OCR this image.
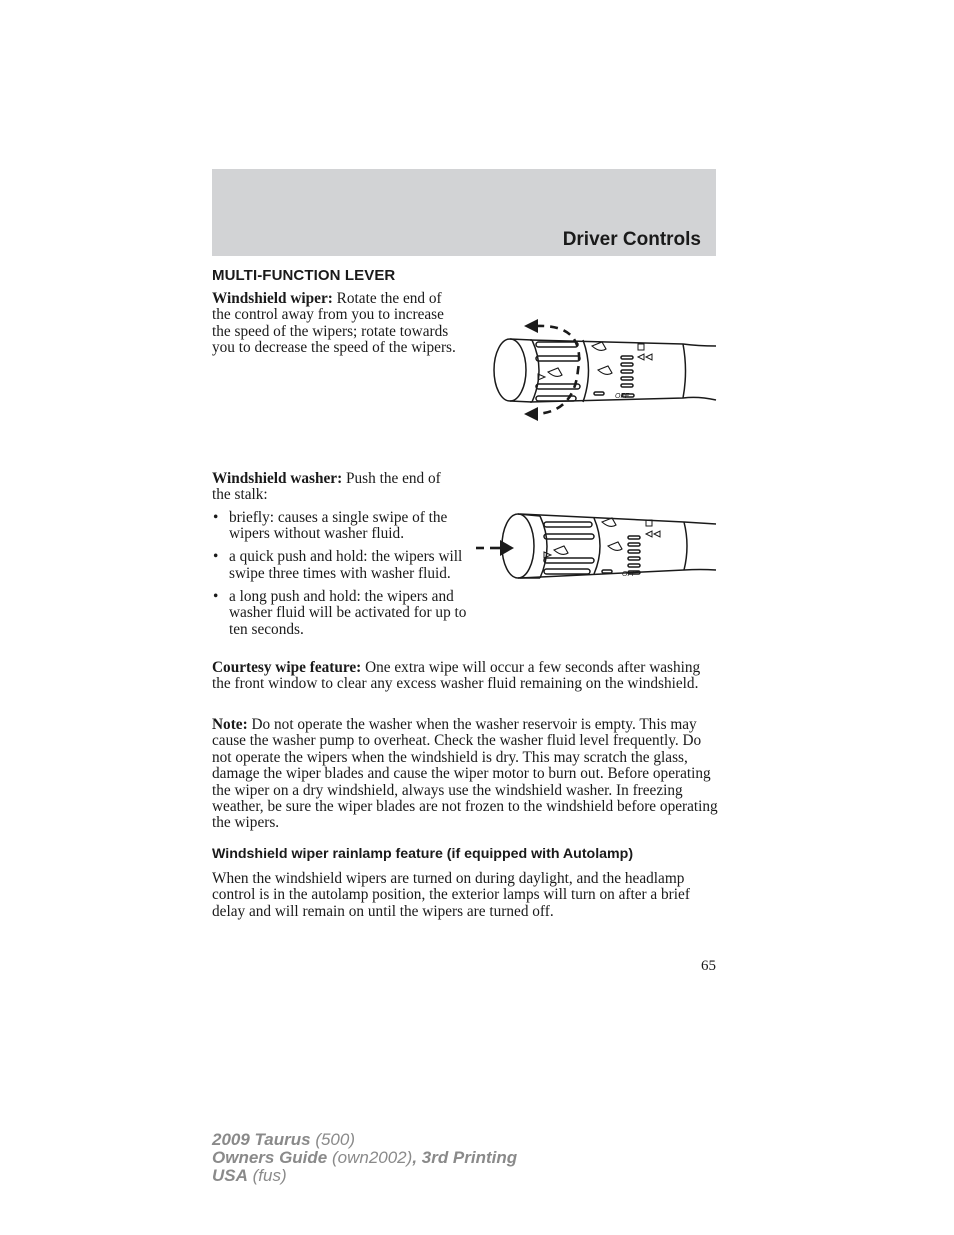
Driver Controls
MULTI-FUNCTION LEVER

Windshield wiper: Rotate the end of the control away from you to increase the speed of the wipers; rotate towards you to decrease the speed of the wipers.

OFF

Windshield washer: Push the end of the stalk:

• briefly: causes a single swipe of the wipers without washer fluid.
• a quick push and hold: the wipers will swipe three times with washer fluid.
• a long push and hold: the wipers and washer fluid will be activated for up to ten seconds.
OFF

Courtesy wipe feature: One extra wipe will occur a few seconds after washing the front window to clear any excess washer fluid remaining on the windshield.

Note: Do not operate the washer when the washer reservoir is empty. This may cause the washer pump to overheat. Check the washer fluid level frequently. Do not operate the wipers when the windshield is dry. This may scratch the glass, damage the wiper blades and cause the wiper motor to burn out. Before operating the wiper on a dry windshield, always use the windshield washer. In freezing weather, be sure the wiper blades are not frozen to the windshield before operating the wipers.

Windshield wiper rainlamp feature (if equipped with Autolamp)

When the windshield wipers are turned on during daylight, and the headlamp control is in the autolamp position, the exterior lamps will turn on after a brief delay and will remain on until the wipers are turned off.

65
2009 Taurus (500)
Owners Guide (own2002), 3rd Printing
USA (fus)
